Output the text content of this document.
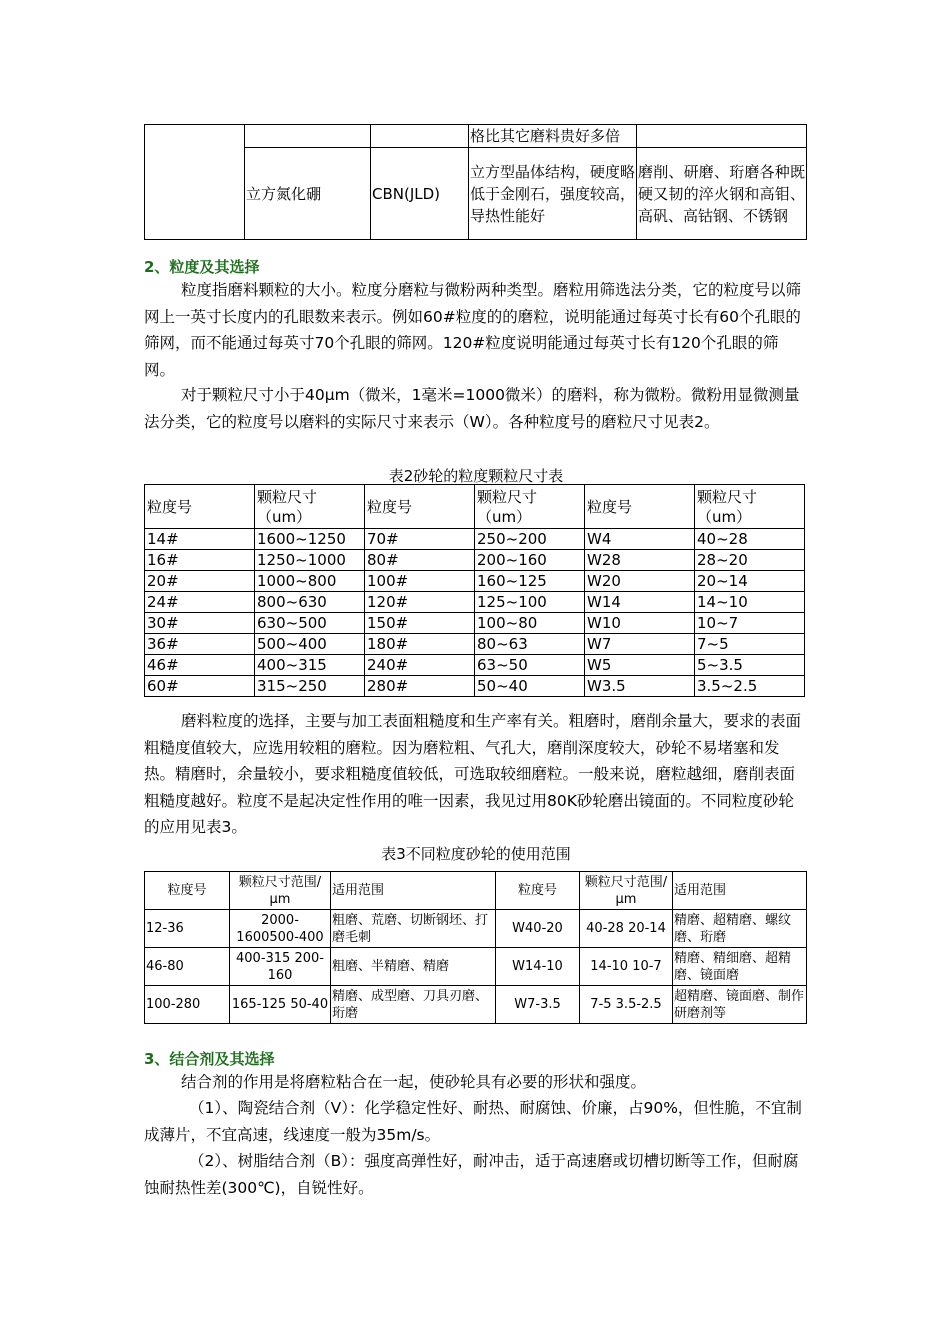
			格比其它磨料贵好多倍	
	立方氮化硼	CBN(JLD)	立方型晶体结构，硬度略低于金刚石，强度较高，导热性能好	磨削、研磨、珩磨各种既硬又韧的淬火钢和高钼、高矾、高钴钢、不锈钢
2、粒度及其选择

粒度指磨料颗粒的大小。粒度分磨粒与微粉两种类型。磨粒用筛选法分类，它的粒度号以筛网上一英寸长度内的孔眼数来表示。例如60#粒度的的磨粒，说明能通过每英寸长有60个孔眼的筛网，而不能通过每英寸70个孔眼的筛网。120#粒度说明能通过每英寸长有120个孔眼的筛网。

对于颗粒尺寸小于40μm（微米，1毫米=1000微米）的磨料，称为微粉。微粉用显微测量法分类，它的粒度号以磨料的实际尺寸来表示（W）。各种粒度号的磨粒尺寸见表2。

表2砂轮的粒度颗粒尺寸表
粒度号	颗粒尺寸（um）	粒度号	颗粒尺寸（um）	粒度号	颗粒尺寸（um）
14#	1600~1250	70#	250~200	W4	40~28
16#	1250~1000	80#	200~160	W28	28~20
20#	1000~800	100#	160~125	W20	20~14
24#	800~630	120#	125~100	W14	14~10
30#	630~500	150#	100~80	W10	10~7
36#	500~400	180#	80~63	W7	7~5
46#	400~315	240#	63~50	W5	5~3.5
60#	315~250	280#	50~40	W3.5	3.5~2.5

磨料粒度的选择，主要与加工表面粗糙度和生产率有关。粗磨时，磨削余量大，要求的表面粗糙度值较大，应选用较粗的磨粒。因为磨粒粗、气孔大，磨削深度较大，砂轮不易堵塞和发热。精磨时，余量较小，要求粗糙度值较低，可选取较细磨粒。一般来说，磨粒越细，磨削表面粗糙度越好。粒度不是起决定性作用的唯一因素，我见过用80K砂轮磨出镜面的。不同粒度砂轮的应用见表3。

表3不同粒度砂轮的使用范围
粒度号	颗粒尺寸范围/μm	适用范围	粒度号	颗粒尺寸范围/μm	适用范围
12-36	2000-1600500-400	粗磨、荒磨、切断钢坯、打磨毛刺	W40-20	40-28 20-14	精磨、超精磨、螺纹磨、珩磨
46-80	400-315 200-160	粗磨、半精磨、精磨	W14-10	14-10 10-7	精磨、精细磨、超精磨、镜面磨
100-280	165-125 50-40	精磨、成型磨、刀具刃磨、珩磨	W7-3.5	7-5 3.5-2.5	超精磨、镜面磨、制作研磨剂等
3、结合剂及其选择

结合剂的作用是将磨粒粘合在一起，使砂轮具有必要的形状和强度。

（1）、陶瓷结合剂（V）：化学稳定性好、耐热、耐腐蚀、价廉，占90%，但性脆，不宜制成薄片，不宜高速，线速度一般为35m/s。

（2）、树脂结合剂（B）：强度高弹性好，耐冲击，适于高速磨或切槽切断等工作，但耐腐蚀耐热性差(300℃)，自锐性好。
